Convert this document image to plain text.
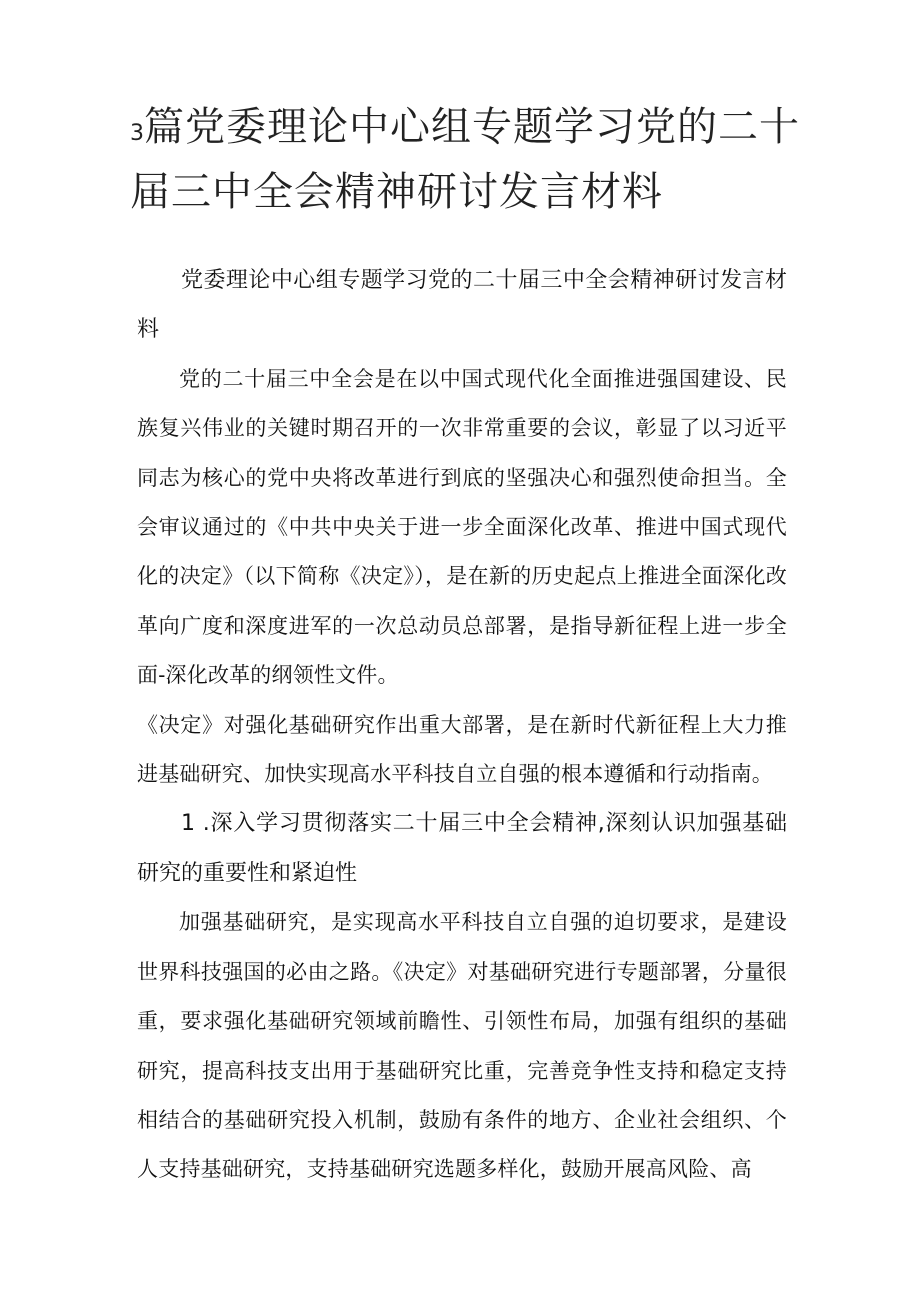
3篇党委理论中心组专题学习党的二十届三中全会精神研讨发言材料

党委理论中心组专题学习党的二十届三中全会精神研讨发言材料

党的二十届三中全会是在以中国式现代化全面推进强国建设、民族复兴伟业的关键时期召开的一次非常重要的会议，彰显了以习近平同志为核心的党中央将改革进行到底的坚强决心和强烈使命担当。全会审议通过的《中共中央关于进一步全面深化改革、推进中国式现代化的决定》（以下简称《决定》），是在新的历史起点上推进全面深化改革向广度和深度进军的一次总动员总部署，是指导新征程上进一步全面-深化改革的纲领性文件。

《决定》对强化基础研究作出重大部署，是在新时代新征程上大力推进基础研究、加快实现高水平科技自立自强的根本遵循和行动指南。

1 .深入学习贯彻落实二十届三中全会精神,深刻认识加强基础研究的重要性和紧迫性

加强基础研究，是实现高水平科技自立自强的迫切要求，是建设世界科技强国的必由之路。《决定》对基础研究进行专题部署，分量很重，要求强化基础研究领域前瞻性、引领性布局，加强有组织的基础研究，提高科技支出用于基础研究比重，完善竞争性支持和稳定支持相结合的基础研究投入机制，鼓励有条件的地方、企业社会组织、个人支持基础研究，支持基础研究选题多样化，鼓励开展高风险、高
